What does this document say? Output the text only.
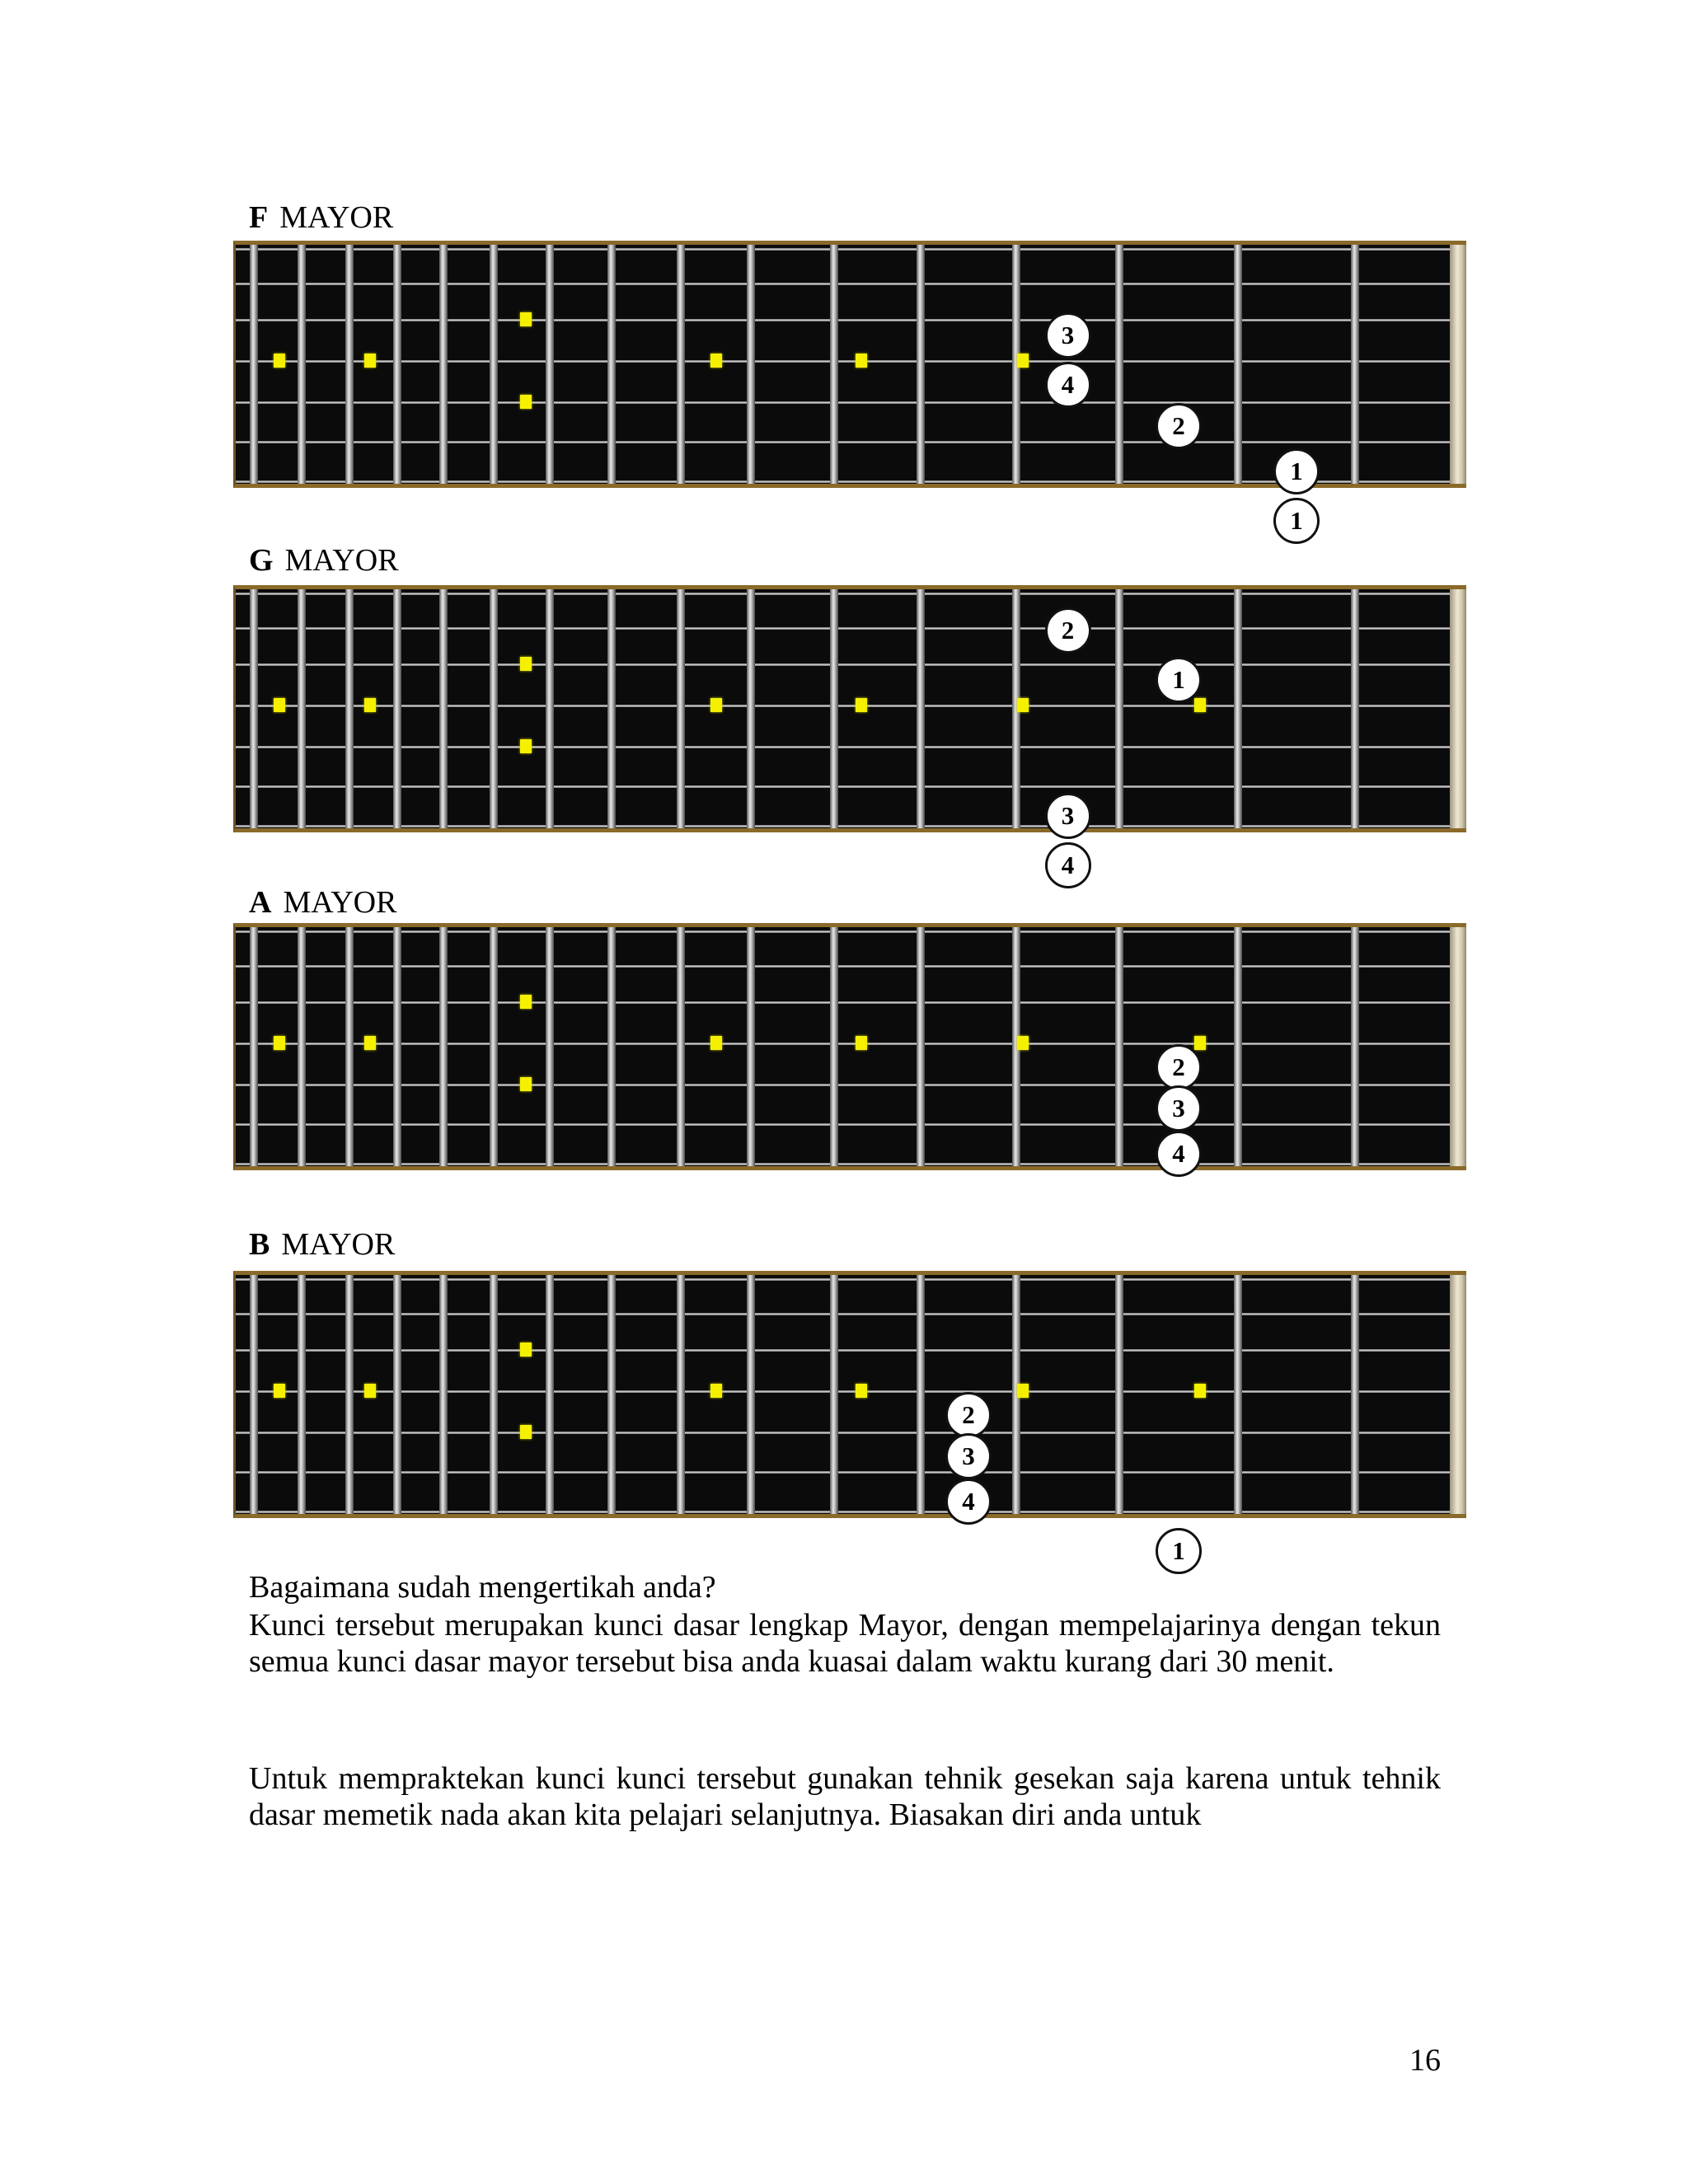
F MAYOR
3
4
2
1
1
G MAYOR
2
1
3
4
A MAYOR
2
3
4
B MAYOR
2
3
4
1
Bagaimana sudah mengertikah anda?
Kunci tersebut merupakan kunci dasar lengkap Mayor, dengan mempelajarinya dengan tekun semua kunci dasar mayor tersebut bisa anda kuasai dalam waktu kurang dari 30 menit.
Untuk mempraktekan kunci kunci tersebut gunakan tehnik gesekan saja karena untuk tehnik dasar memetik nada akan kita pelajari selanjutnya. Biasakan diri anda untuk
16
